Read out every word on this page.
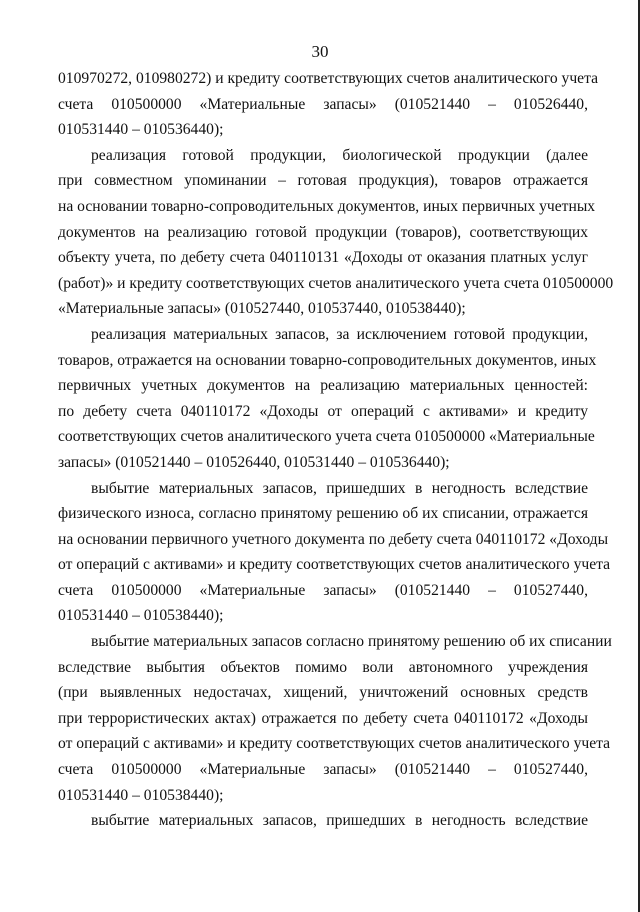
30
010970272, 010980272) и кредиту соответствующих счетов аналитического учета
счета 010500000 «Материальные запасы» (010521440 – 010526440,
010531440 – 010536440);
реализация готовой продукции, биологической продукции (далее
при совместном упоминании – готовая продукция), товаров отражается
на основании товарно-сопроводительных документов, иных первичных учетных
документов на реализацию готовой продукции (товаров), соответствующих
объекту учета, по дебету счета 040110131 «Доходы от оказания платных услуг
(работ)» и кредиту соответствующих счетов аналитического учета счета 010500000
«Материальные запасы» (010527440, 010537440, 010538440);
реализация материальных запасов, за исключением готовой продукции,
товаров, отражается на основании товарно-сопроводительных документов, иных
первичных учетных документов на реализацию материальных ценностей:
по дебету счета 040110172 «Доходы от операций с активами» и кредиту
соответствующих счетов аналитического учета счета 010500000 «Материальные
запасы» (010521440 – 010526440, 010531440 – 010536440);
выбытие материальных запасов, пришедших в негодность вследствие
физического износа, согласно принятому решению об их списании, отражается
на основании первичного учетного документа по дебету счета 040110172 «Доходы
от операций с активами» и кредиту соответствующих счетов аналитического учета
счета 010500000 «Материальные запасы» (010521440 – 010527440,
010531440 – 010538440);
выбытие материальных запасов согласно принятому решению об их списании
вследствие выбытия объектов помимо воли автономного учреждения
(при выявленных недостачах, хищений, уничтожений основных средств
при террористических актах) отражается по дебету счета 040110172 «Доходы
от операций с активами» и кредиту соответствующих счетов аналитического учета
счета 010500000 «Материальные запасы» (010521440 – 010527440,
010531440 – 010538440);
выбытие материальных запасов, пришедших в негодность вследствие
